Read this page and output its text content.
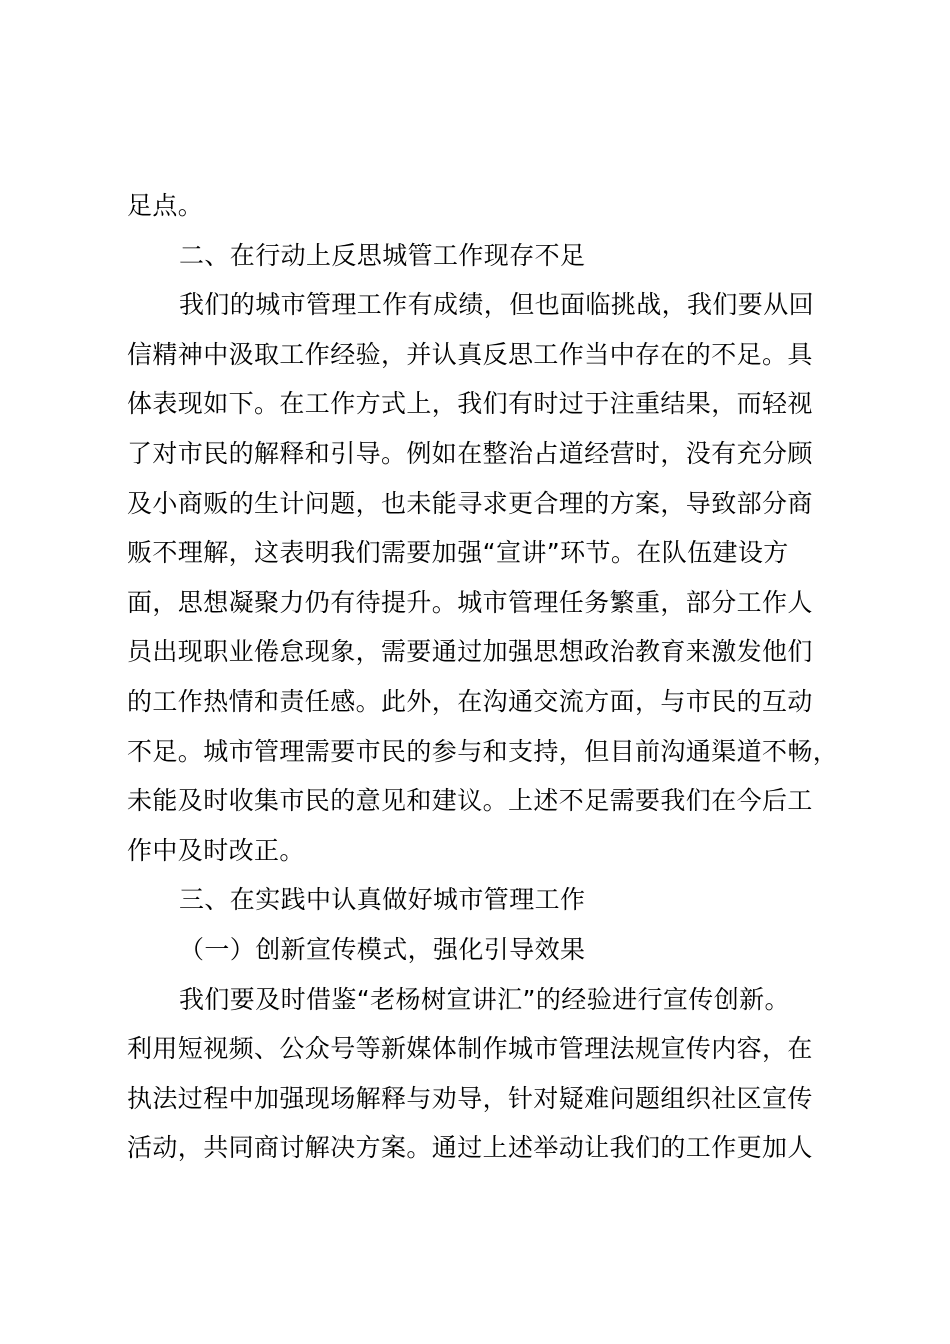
足点。
二、在行动上反思城管工作现存不足
我们的城市管理工作有成绩，但也面临挑战，我们要从回
信精神中汲取工作经验，并认真反思工作当中存在的不足。具
体表现如下。在工作方式上，我们有时过于注重结果，而轻视
了对市民的解释和引导。例如在整治占道经营时，没有充分顾
及小商贩的生计问题，也未能寻求更合理的方案，导致部分商
贩不理解，这表明我们需要加强“宣讲”环节。在队伍建设方
面，思想凝聚力仍有待提升。城市管理任务繁重，部分工作人
员出现职业倦怠现象，需要通过加强思想政治教育来激发他们
的工作热情和责任感。此外，在沟通交流方面，与市民的互动
不足。城市管理需要市民的参与和支持，但目前沟通渠道不畅，
未能及时收集市民的意见和建议。上述不足需要我们在今后工
作中及时改正。
三、在实践中认真做好城市管理工作
（一）创新宣传模式，强化引导效果
我们要及时借鉴“老杨树宣讲汇”的经验进行宣传创新。
利用短视频、公众号等新媒体制作城市管理法规宣传内容，在
执法过程中加强现场解释与劝导，针对疑难问题组织社区宣传
活动，共同商讨解决方案。通过上述举动让我们的工作更加人
